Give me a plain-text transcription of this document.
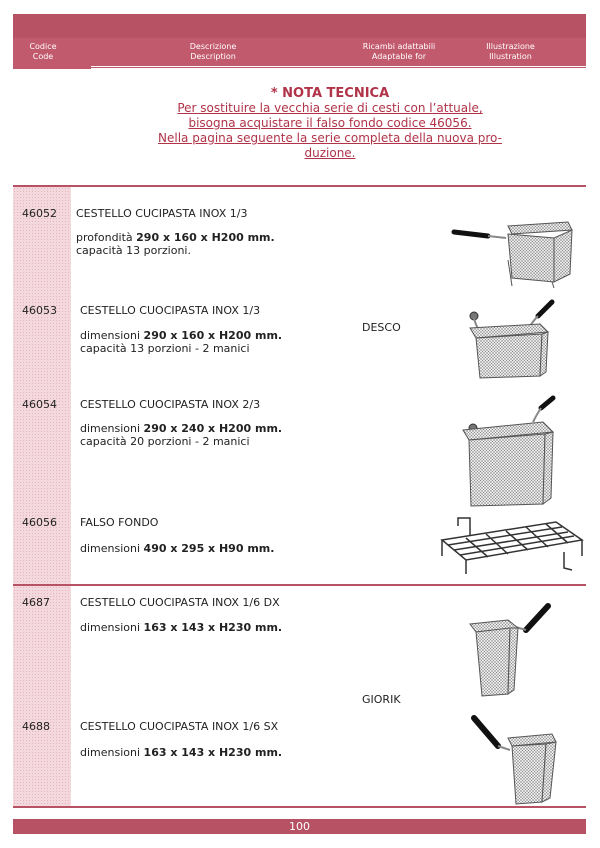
Codice
Code
Descrizione
Description
Ricambi adattabili
Adaptable for
Illustrazione
Illustration
* NOTA TECNICA
Per sostituire la vecchia serie di cesti con l’attuale,
bisogna acquistare il falso fondo codice 46056.
Nella pagina seguente la serie completa della nuova pro-
duzione.
46052 CESTELLO CUCIPASTA INOX 1/3
profondità 290 x 160 x H200 mm.
capacità 13 porzioni.
46053 CESTELLO CUOCIPASTA INOX 1/3
dimensioni 290 x 160 x H200 mm.
capacità 13 porzioni - 2 manici
DESCO
46054 CESTELLO CUOCIPASTA INOX 2/3
dimensioni 290 x 240 x H200 mm.
capacità 20 porzioni - 2 manici
46056 FALSO FONDO
dimensioni 490 x 295 x H90 mm.
4687	CESTELLO CUOCIPASTA INOX 1/6 DX
dimensioni 163 x 143 x H230 mm.
GIORIK
4688	CESTELLO CUOCIPASTA INOX 1/6 SX
dimensioni 163 x 143 x H230 mm.
100
